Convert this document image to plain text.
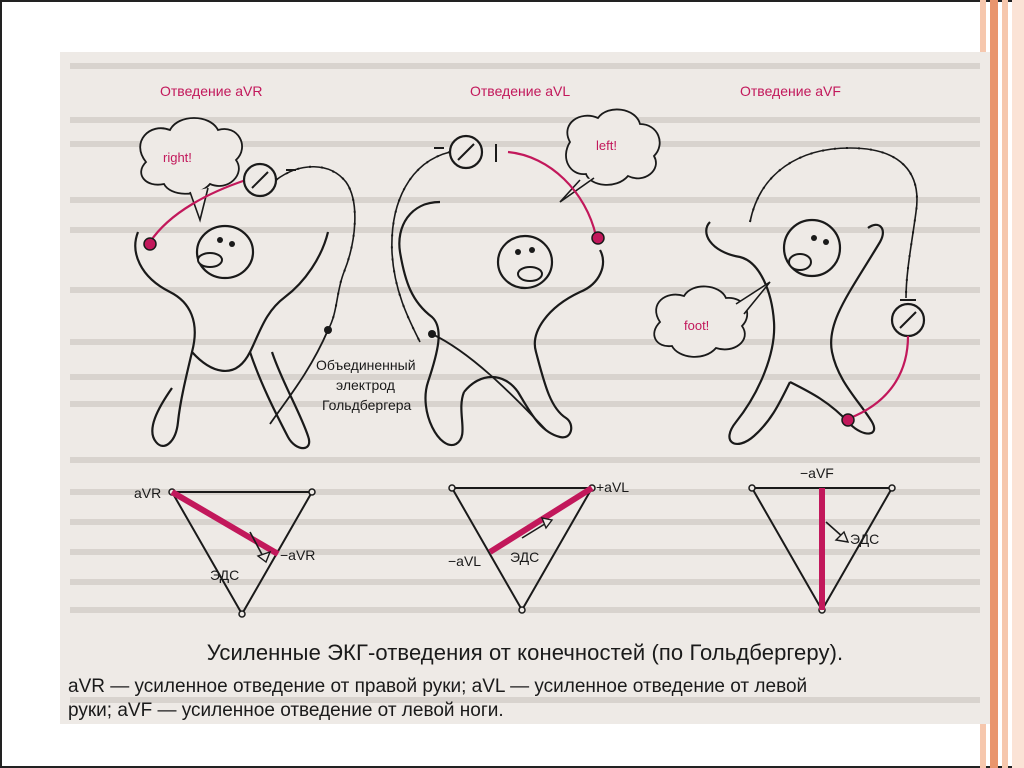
Отведение aVR
right!
aVR
−aVR
ЭДС
Отведение aVL
left!
+aVL
−aVL ЭДС
Отведение aVF
foot!
−aVF
ЭДС
Объединенный
электрод
Гольдбергера
Усиленные ЭКГ-отведения от конечностей (по Гольдбергеру).
aVR — усиленное отведение от правой руки; aVL — усиленное отведение от левой
руки; aVF — усиленное отведение от левой ноги.
